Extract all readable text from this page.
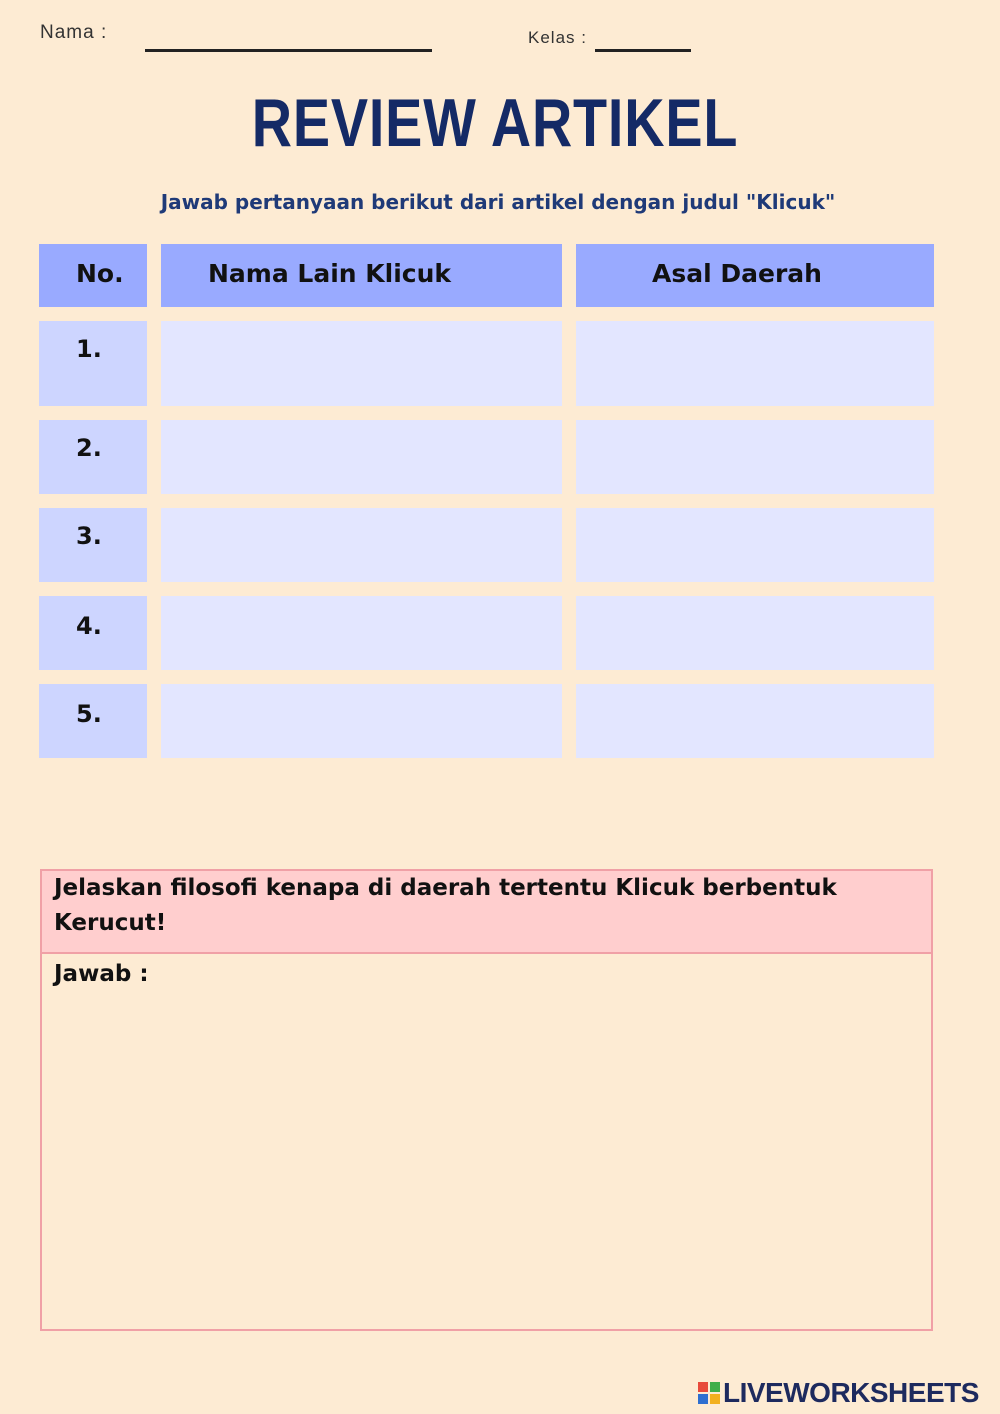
Nama :	Kelas :
REVIEW ARTIKEL
Jawab pertanyaan berikut dari artikel dengan judul "Klicuk"
No.	Nama Lain Klicuk	Asal Daerah
1.
2.
3.
4.
5.
Jelaskan filosofi kenapa di daerah tertentu Klicuk berbentuk Kerucut!
Jawab :
LIVEWORKSHEETS
